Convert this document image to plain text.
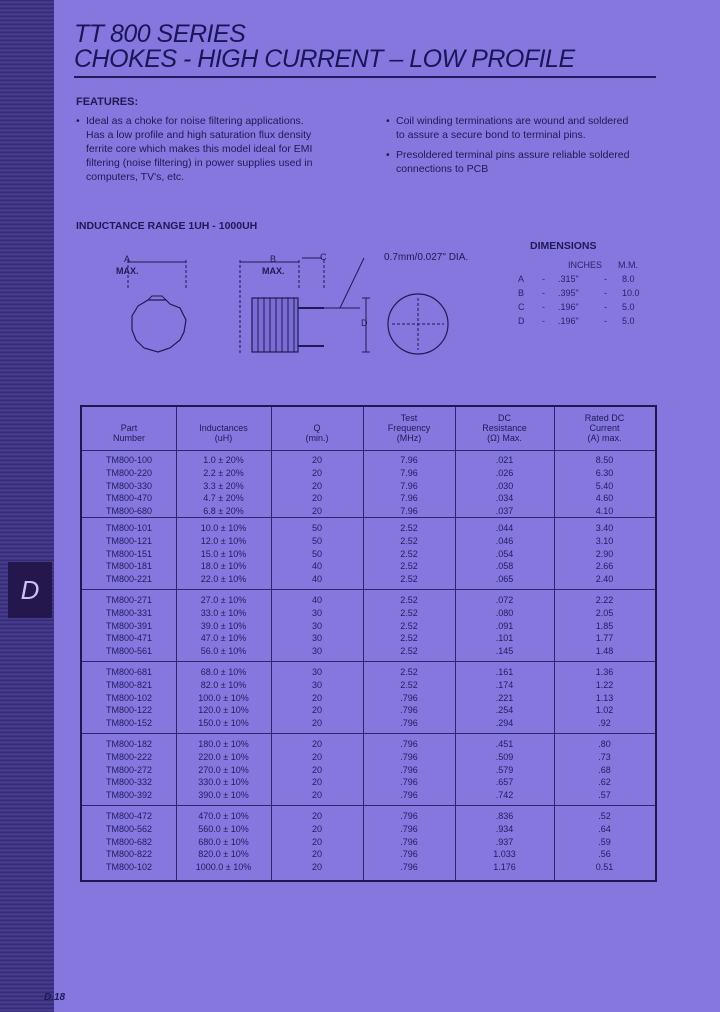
D
TT 800 SERIES
CHOKES - HIGH CURRENT – LOW PROFILE
FEATURES:
• Ideal as a choke for noise filtering applications.
Has a low profile and high saturation flux density
ferrite core which makes this model ideal for EMI
filtering (noise filtering) in power supplies used in
computers, TV's, etc.
• Coil winding terminations are wound and soldered
to assure a secure bond to terminal pins.
• Presoldered terminal pins assure reliable soldered
connections to PCB
INDUCTANCE RANGE 1UH - 1000UH
A
MAX.
B
MAX.
C
D
0.7mm/0.027" DIA.
DIMENSIONS
INCHES M.M.
A - .315"	- 8.0
B - .395"	- 10.0
C - .196"	- 5.0
D - .196"	- 5.0
Part
Number
Inductances
(uH)
Q
(min.)
Test
Frequency
(MHz)
DC
Resistance
(Ω) Max.
Rated DC
Current
(A) max.
TM800-100	1.0 ± 20%	20	7.96	.021	8.50
TM800-220	2.2 ± 20%	20	7.96	.026	6.30
TM800-330	3.3 ± 20%	20	7.96	.030	5.40
TM800-470	4.7 ± 20%	20	7.96	.034	4.60
TM800-680	6.8 ± 20%	20	7.96	.037	4.10
TM800-101	10.0 ± 10%	50	2.52	.044	3.40
TM800-121	12.0 ± 10%	50	2.52	.046	3.10
TM800-151	15.0 ± 10%	50	2.52	.054	2.90
TM800-181	18.0 ± 10%	40	2.52	.058	2.66
TM800-221	22.0 ± 10%	40	2.52	.065	2.40
TM800-271	27.0 ± 10%	40	2.52	.072	2.22
TM800-331	33.0 ± 10%	30	2.52	.080	2.05
TM800-391	39.0 ± 10%	30	2.52	.091	1.85
TM800-471	47.0 ± 10%	30	2.52	.101	1.77
TM800-561	56.0 ± 10%	30	2.52	.145	1.48
TM800-681	68.0 ± 10%	30	2.52	.161	1.36
TM800-821	82.0 ± 10%	30	2.52	.174	1.22
TM800-102	100.0 ± 10%	20	.796	.221	1.13
TM800-122	120.0 ± 10%	20	.796	.254	1.02
TM800-152	150.0 ± 10%	20	.796	.294	.92
TM800-182	180.0 ± 10%	20	.796	.451	.80
TM800-222	220.0 ± 10%	20	.796	.509	.73
TM800-272	270.0 ± 10%	20	.796	.579	.68
TM800-332	330.0 ± 10%	20	.796	.657	.62
TM800-392	390.0 ± 10%	20	.796	.742	.57
TM800-472	470.0 ± 10%	20	.796	.836	.52
TM800-562	560.0 ± 10%	20	.796	.934	.64
TM800-682	680.0 ± 10%	20	.796	.937	.59
TM800-822	820.0 ± 10%	20	.796	1.033	.56
TM800-102	1000.0 ± 10%	20	.796	1.176	0.51
D.18
